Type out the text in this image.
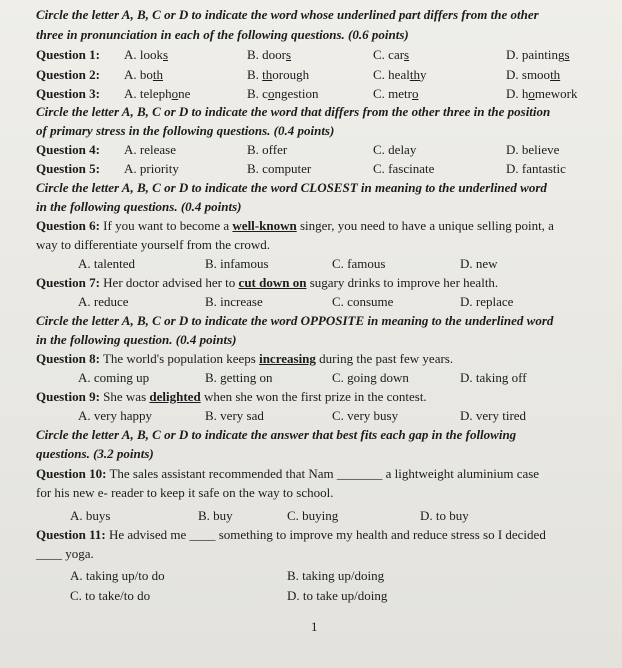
Circle the letter A, B, C or D to indicate the word whose underlined part differs from the other
three in pronunciation in each of the following questions. (0.6 points)
Question 1: A. looks	B. doors	C. cars	D. paintings
Question 2: A. both	B. thorough	C. healthy	D. smooth
Question 3: A. telephone	B. congestion	C. metro	D. homework
Circle the letter A, B, C or D to indicate the word that differs from the other three in the position
of primary stress in the following questions. (0.4 points)
Question 4: A. release	B. offer	C. delay	D. believe
Question 5: A. priority	B. computer	C. fascinate	D. fantastic
Circle the letter A, B, C or D to indicate the word CLOSEST in meaning to the underlined word
in the following questions. (0.4 points)
Question 6: If you want to become a well-known singer, you need to have a unique selling point, a
way to differentiate yourself from the crowd.
A. talented	B. infamous	C. famous	D. new
Question 7: Her doctor advised her to cut down on sugary drinks to improve her health.
A. reduce	B. increase	C. consume	D. replace
Circle the letter A, B, C or D to indicate the word OPPOSITE in meaning to the underlined word
in the following question. (0.4 points)
Question 8: The world's population keeps increasing during the past few years.
A. coming up	B. getting on	C. going down	D. taking off
Question 9: She was delighted when she won the first prize in the contest.
A. very happy	B. very sad	C. very busy	D. very tired
Circle the letter A, B, C or D to indicate the answer that best fits each gap in the following
questions. (3.2 points)
Question 10: The sales assistant recommended that Nam _______ a lightweight aluminium case
for his new e- reader to keep it safe on the way to school.
A. buys	B. buy	C. buying	D. to buy
Question 11: He advised me ____ something to improve my health and reduce stress so I decided
____ yoga.
A. taking up/to do	B. taking up/doing
C. to take/to do	D. to take up/doing
1
